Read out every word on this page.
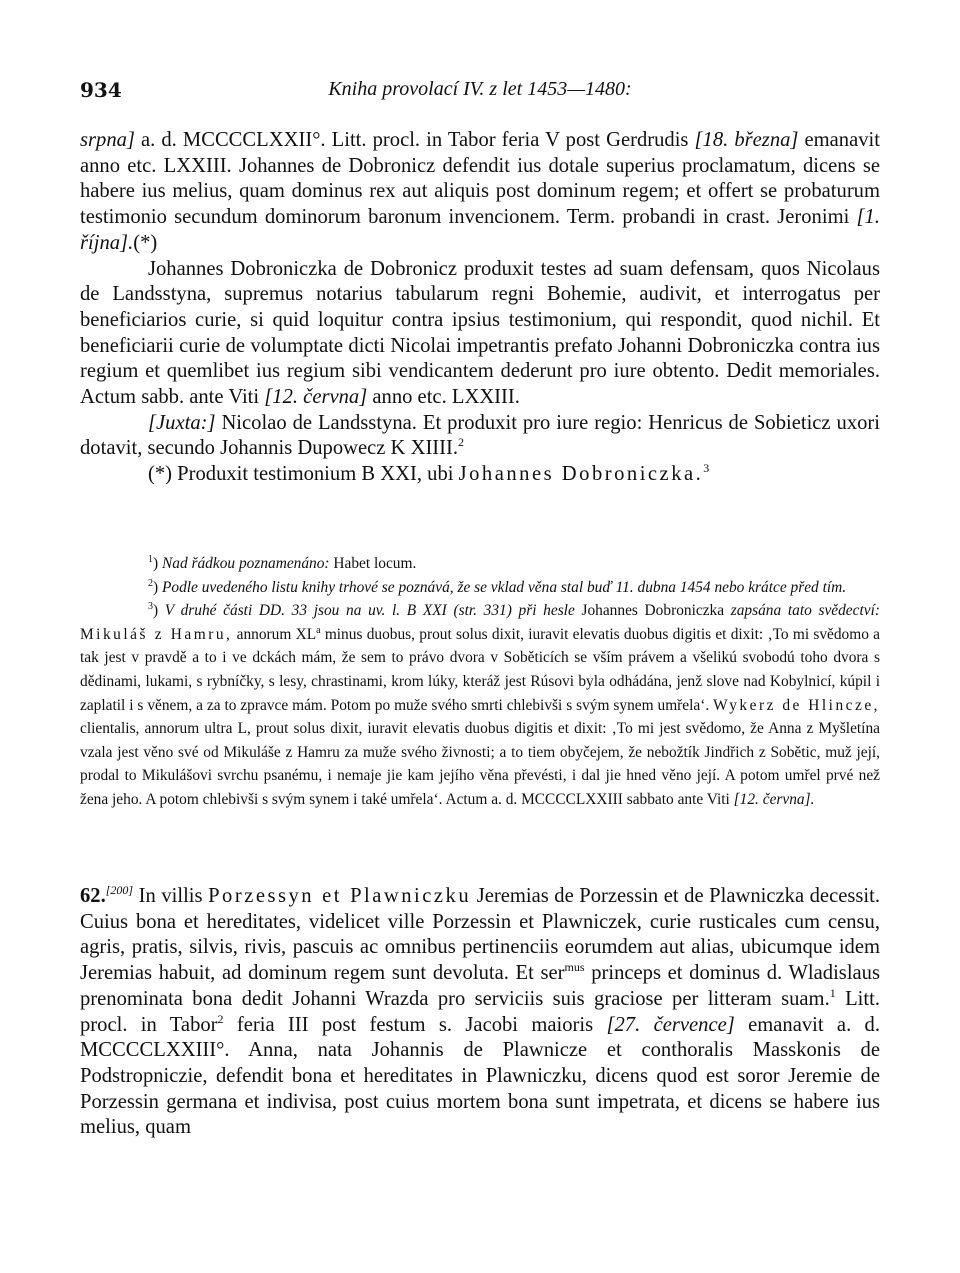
934	Kniha provolací IV. z let 1453—1480:

srpna] a. d. MCCCCLXXII°. Litt. procl. in Tabor feria V post Gerdrudis [18. března] emanavit anno etc. LXXIII. Johannes de Dobronicz defendit ius dotale superius proclamatum, dicens se habere ius melius, quam dominus rex aut aliquis post dominum regem; et offert se probaturum testimonio secundum dominorum baronum invencionem. Term. probandi in crast. Jeronimi [1. října].(*)

Johannes Dobroniczka de Dobronicz produxit testes ad suam defensam, quos Nicolaus de Landsstyna, supremus notarius tabularum regni Bohemie, audivit, et interrogatus per beneficiarios curie, si quid loquitur contra ipsius testimonium, qui respondit, quod nichil. Et beneficiarii curie de volumptate dicti Nicolai impetrantis prefato Johanni Dobroniczka contra ius regium et quemlibet ius regium sibi vendicantem dederunt pro iure obtento. Dedit memoriales. Actum sabb. ante Viti [12. června] anno etc. LXXIII.

[Juxta:] Nicolao de Landsstyna. Et produxit pro iure regio: Henricus de Sobieticz uxori dotavit, secundo Johannis Dupowecz K XIIII.$^2$

(*) Produxit testimonium B XXI, ubi Johannes Dobroniczka.$^3$

$^1$) Nad řádkou poznamenáno: Habet locum.

$^2$) Podle uvedeného listu knihy trhové se poznává, že se vklad věna stal buď 11. dubna 1454 nebo krátce před tím.

$^3$) V druhé části DD. 33 jsou na uv. l. B XXI (str. 331) při hesle Johannes Dobroniczka zapsána tato svědectví: Mikuláš z Hamru, annorum $XL^a$ minus duobus, prout solus dixit, iuravit elevatis duobus digitis et dixit: ‚To mi svědomo a tak jest v pravdě a to i ve dckách mám, že sem to právo dvora v Soběticích se vším právem a všelikú svobodú toho dvora s dědinami, lukami, s rybníčky, s lesy, chrastinami, krom lúky, kteráž jest Rúsovi byla odhádána, jenž slove nad Kobylnicí, kúpil i zaplatil i s věnem, a za to zpravce mám. Potom po muže svého smrti chlebivši s svým synem umřela‘. Wykerz de Hlincze, clientalis, annorum ultra L, prout solus dixit, iuravit elevatis duobus digitis et dixit: ‚To mi jest svědomo, že Anna z Myšletína vzala jest věno své od Mikuláše z Hamru za muže svého živnosti; a to tiem obyčejem, že nebožtík Jindřich z Sobětic, muž její, prodal to Mikulášovi svrchu psanému, i nemaje jie kam jejího věna převésti, i dal jie hned věno její. A potom umřel prvé než žena jeho. A potom chlebivši s svým synem i také umřela‘. Actum a. d. MCCCCLXXIII sabbato ante Viti [12. června].

62.[200] In villis Porzessyn et Plawniczku Jeremias de Porzessin et de Plawniczka decessit. Cuius bona et hereditates, videlicet ville Porzessin et Plawniczek, curie rusticales cum censu, agris, pratis, silvis, rivis, pascuis ac omnibus pertinenciis eorumdem aut alias, ubicumque idem Jeremias habuit, ad dominum regem sunt devoluta. Et ser$^{mus}$ princeps et dominus d. Wladislaus prenominata bona dedit Johanni Wrazda pro serviciis suis graciose per litteram suam.$^1$ Litt. procl. in Tabor$^2$ feria III post festum s. Jacobi maioris [27. července] emanavit a. d. MCCCCLXXIII°. Anna, nata Johannis de Plawnicze et conthoralis Masskonis de Podstropniczie, defendit bona et hereditates in Plawniczku, dicens quod est soror Jeremie de Porzessin germana et indivisa, post cuius mortem bona sunt impetrata, et dicens se habere ius melius, quam
